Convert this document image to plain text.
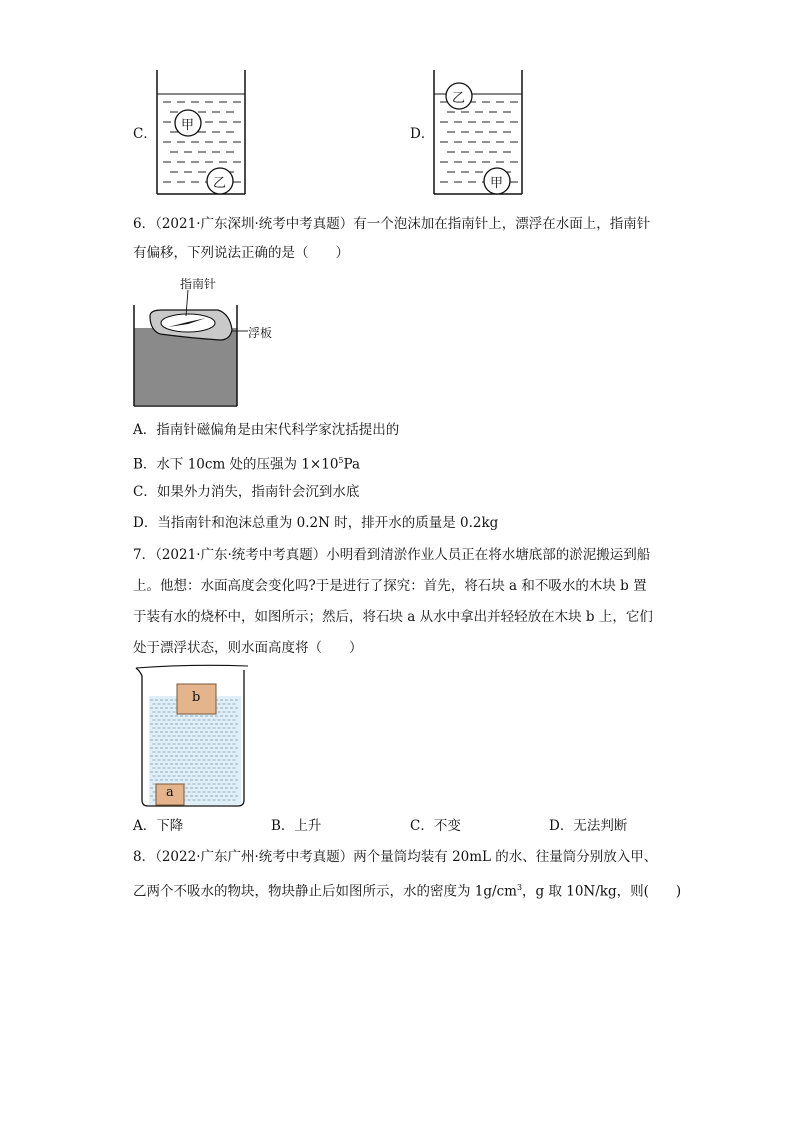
C．
甲
乙
D．
乙
甲
6．（2021·广东深圳·统考中考真题）有一个泡沫加在指南针上，漂浮在水面上，指南针
有偏移，下列说法正确的是（　　）
指南针
浮板
A．指南针磁偏角是由宋代科学家沈括提出的
B．水下 10cm 处的压强为 $1\times 10^5Pa$
C．如果外力消失，指南针会沉到水底
D．当指南针和泡沫总重为 0.2N 时，排开水的质量是 0.2kg
7．（2021·广东·统考中考真题）小明看到清淤作业人员正在将水塘底部的淤泥搬运到船
上。他想：水面高度会变化吗?于是进行了探究：首先，将石块 a 和不吸水的木块 b 置
于装有水的烧杯中，如图所示；然后，将石块 a 从水中拿出并轻轻放在木块 b 上，它们
处于漂浮状态，则水面高度将（　　）
b
a
A．下降	B．上升	C．不变	D．无法判断
8．（2022·广东广州·统考中考真题）两个量筒均装有 20mL 的水、往量筒分别放入甲、
乙两个不吸水的物块，物块静止后如图所示，水的密度为 $1g/cm^3$，g 取 10N/kg，则(　　)
